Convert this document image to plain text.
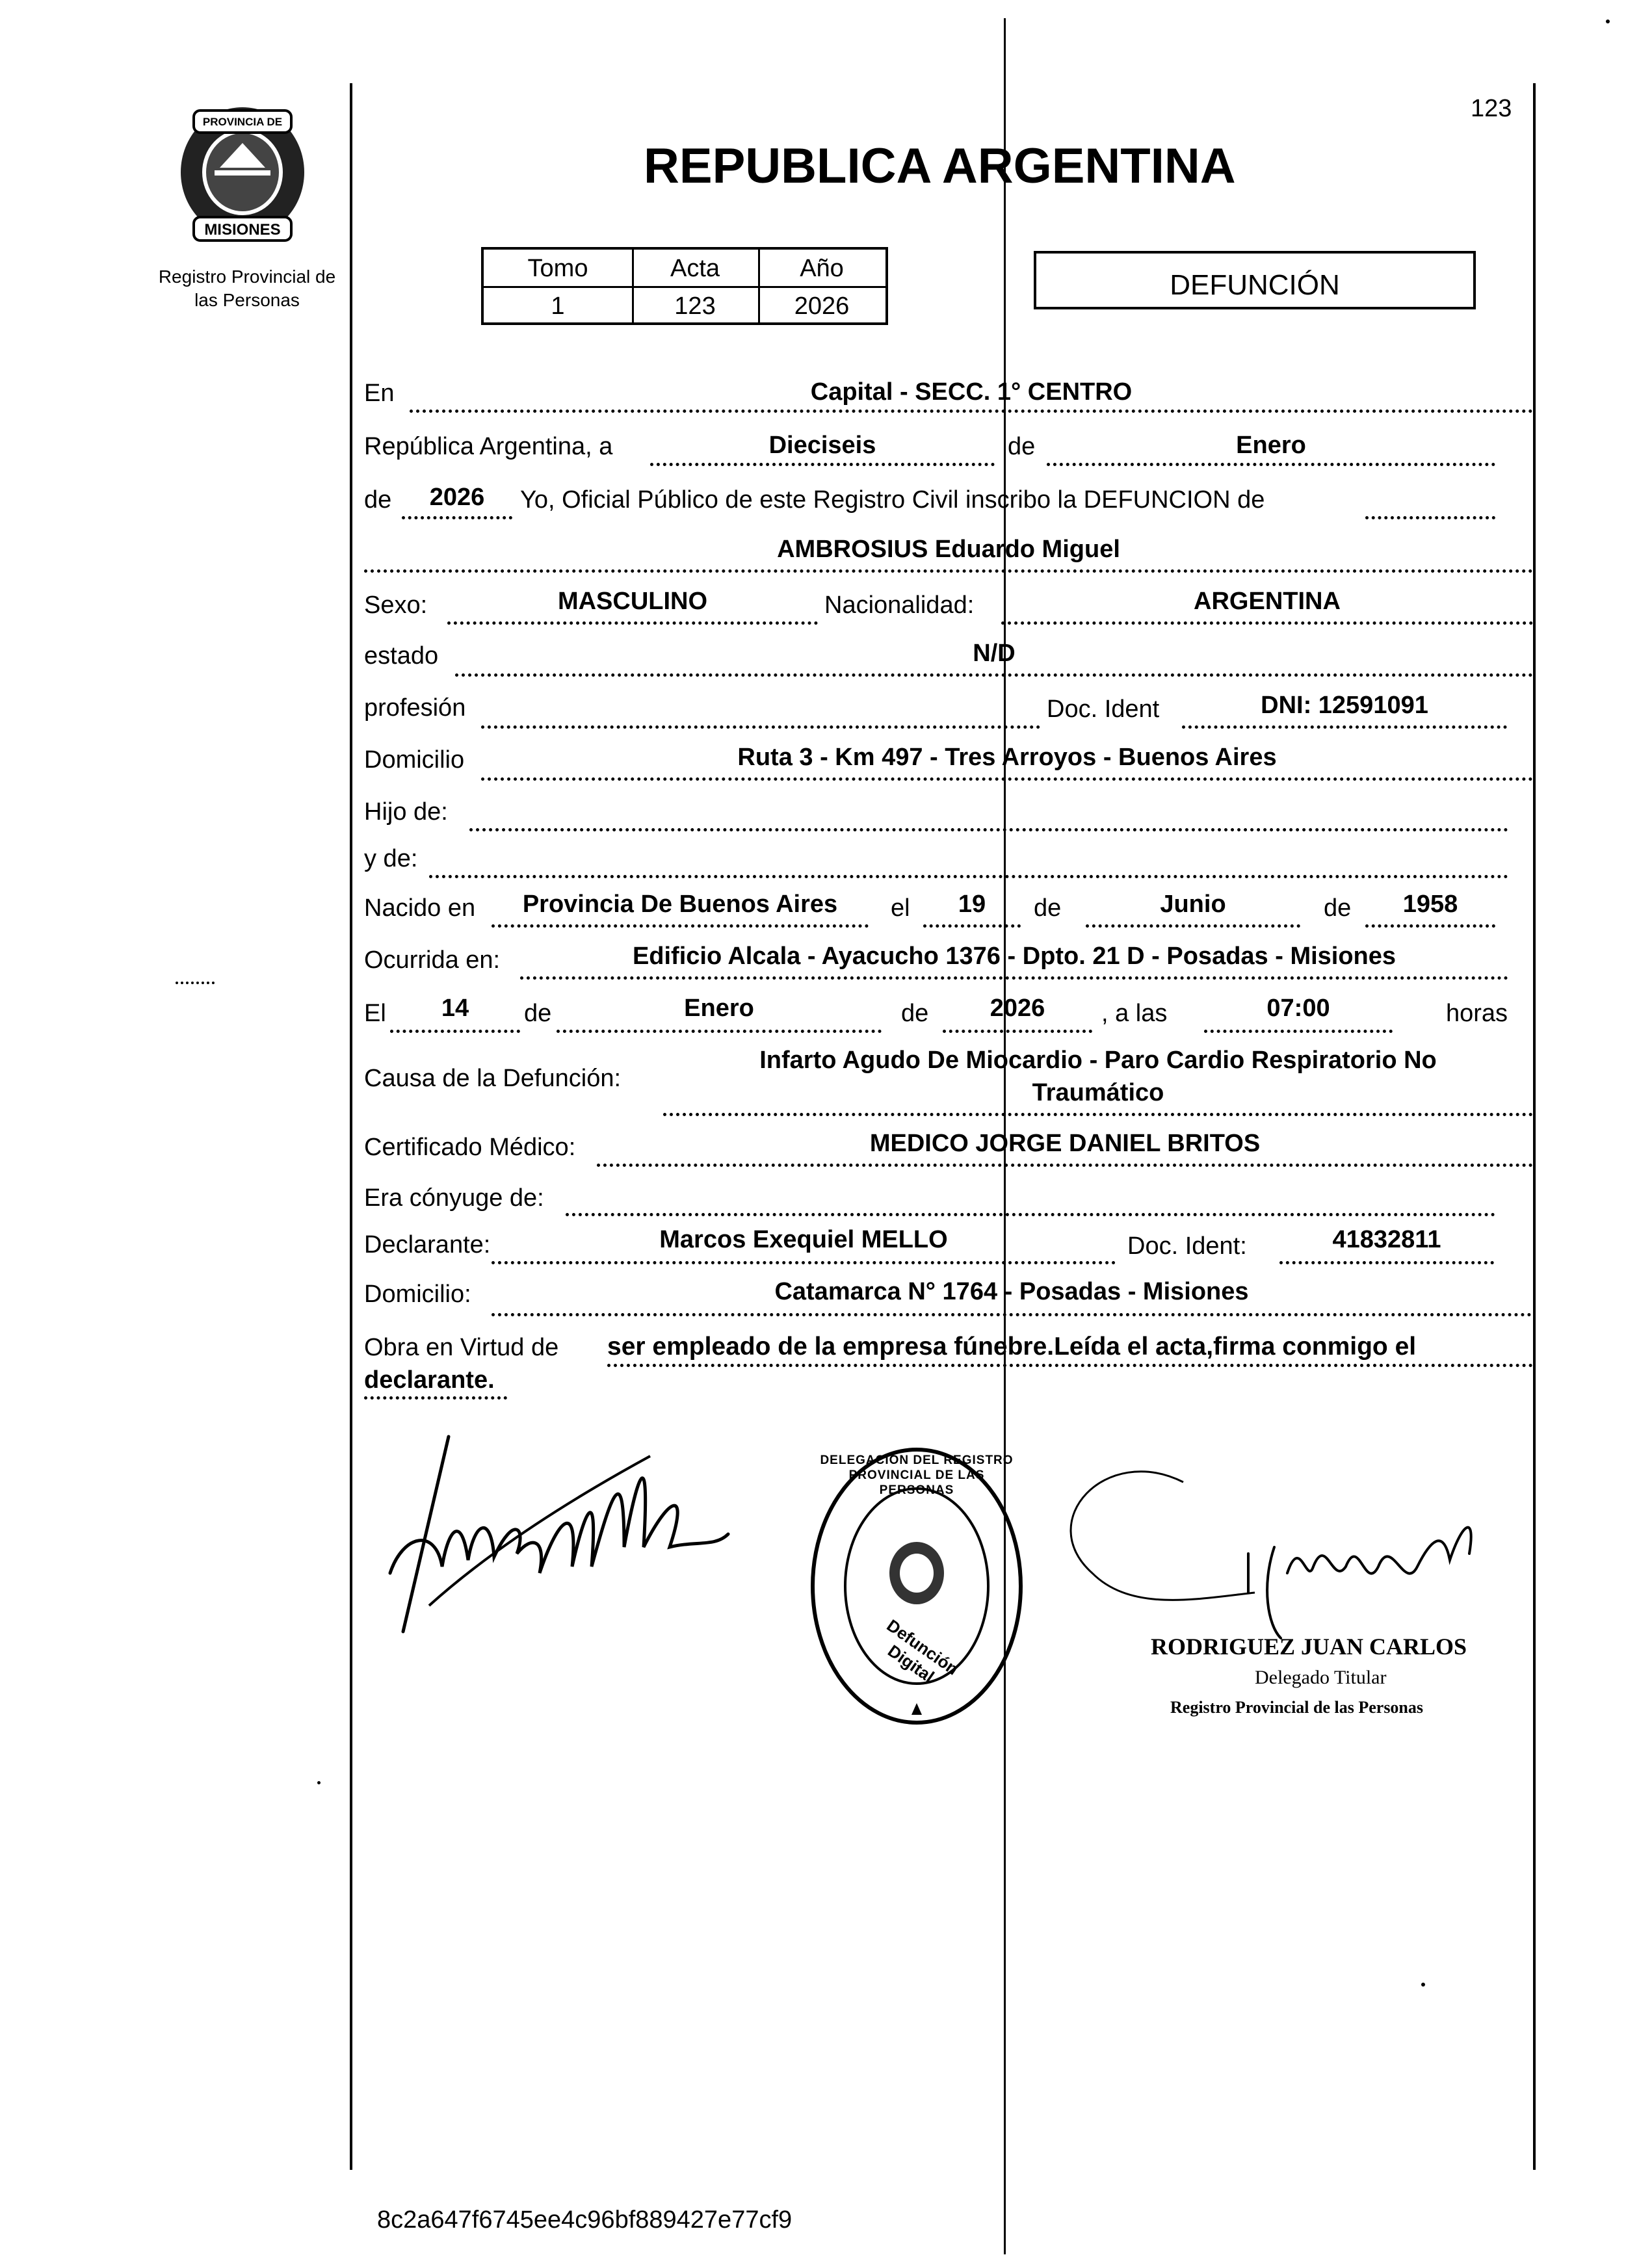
PROVINCIA DE
MISIONES
Registro Provincial de
las Personas
123
REPUBLICA ARGENTINA
Tomo	Acta	Año
1	123	2026
DEFUNCIÓN
En	Capital - SECC. 1° CENTRO
República Argentina, a	Dieciseis	de	Enero
de	2026	Yo, Oficial Público de este Registro Civil inscribo la DEFUNCION de
AMBROSIUS Eduardo Miguel
Sexo:	MASCULINO	Nacionalidad:	ARGENTINA
estado	N/D
profesión	Doc. Ident	DNI: 12591091
Domicilio	Ruta 3 - Km 497 - Tres Arroyos - Buenos Aires
Hijo de:
y de:
Nacido en	Provincia De Buenos Aires	el	19	de	Junio	de	1958
Ocurrida en:	Edificio Alcala - Ayacucho 1376 - Dpto. 21 D - Posadas - Misiones
El	14	de	Enero	de	2026	, a las	07:00	horas
Causa de la Defunción:
Infarto Agudo De Miocardio - Paro Cardio Respiratorio No
Traumático
Certificado Médico:	MEDICO JORGE DANIEL BRITOS
Era cónyuge de:
Declarante:	Marcos Exequiel MELLO	Doc. Ident:	41832811
Domicilio:	Catamarca N° 1764 - Posadas - Misiones
Obra en Virtud de ser empleado de la empresa fúnebre.Leída el acta,firma conmigo el
declarante.
DELEGACION DEL REGISTRO PROVINCIAL DE LAS PERSONAS
Defunción Digital	RODRIGUEZ JUAN CARLOS
Delegado Titular
Registro Provincial de las Personas
8c2a647f6745ee4c96bf889427e77cf9
